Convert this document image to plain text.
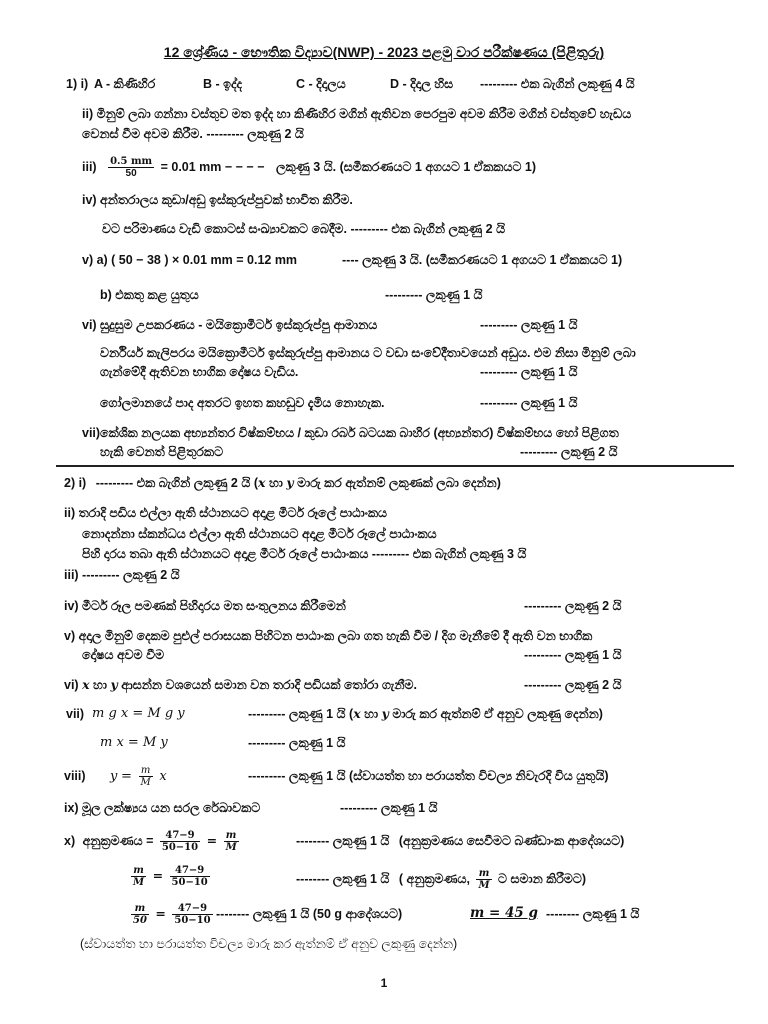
12 ශ්‍රේණිය - භෞතික විද්‍යාව(NWP) - 2023 පළමු වාර පරීක්ෂණය (පිළිතුරු)
1) i) A - කිණිහිර	B - ඉද්ද	C - දිදාලය	D - දිදාල හිස --------- එක බැගින් ලකුණු 4 යි
ii) මිනුම් ලබා ගන්නා වස්තුව මත ඉද්ද හා කිණිහිර මගින් ඇතිවන පෙරපුම අවම කිරීම මගින් වස්තුවේ හැඩය
වෙනස් වීම අවම කිරීම. --------- ලකුණු 2 යි
$iii) \frac{0.5 mm}{50} = 0.01$ mm − − − − ලකුණු 3 යි. (සමීකරණයට 1 අගයට 1 ඒකකයට 1)
iv) අන්තරාලය කුඩා/අඩු ඉස්කුරුප්පුවක් භාවිත කිරීම.
වට පරිමාණය වැඩි කොටස් සංඛ්‍යාවකට බෙදීම. --------- එක බැගින් ලකුණු 2 යි
v) a) ( 50 − 38 ) × 0.01 mm = 0.12 mm	---- ලකුණු 3 යි. (සමීකරණයට 1 අගයට 1 ඒකකයට 1)
b) එකතු කළ යුතුය	--------- ලකුණු 1 යි
vi) සුදුසුම උපකරණය - මයික්‍රොමීටර් ඉස්කුරුප්පු ආමානය	--------- ලකුණු 1 යි
වර්නියර් කැලිපරය මයික්‍රොමීටර් ඉස්කුරුප්පු ආමානය ට වඩා සංවේදීතාවයෙන් අඩුය. එම නිසා මිනුම් ලබා
ගැන්මේදී ඇතිවන භාගික දෝෂය වැඩිය.	--------- ලකුණු 1 යි
ගෝලමානයේ පාද අතරට ඉහත කහඩුව දැමිය නොහැක.	--------- ලකුණු 1 යි
vii)කේශික නලයක අභ්‍යන්තර විෂ්කම්භය / කුඩා රබර් බටයක බාහිර (අභ්‍යන්තර) විෂ්කම්භය හෝ පිළිගත
හැකි වෙනත් පිළිතුරකට	--------- ලකුණු 2 යි
2) i) --------- එක බැගින් ලකුණු 2 යි (x හා y මාරු කර ඇත්නම් ලකුණක් ලබා දෙන්න)
ii) තරාදි පඩිය එල්ලා ඇති ස්ථානයට අදාළ මීටර් රූලේ පාඨාංකය
නොදන්නා ස්කන්ධය එල්ලා ඇති ස්ථානයට අදාළ මීටර් රූලේ පාඨාංකය
පිහි දාරය තබා ඇති ස්ථානයට අදාළ මීටර් රූලේ පාඨාංකය --------- එක බැගින් ලකුණු 3 යි
iii) --------- ලකුණු 2 යි
iv) මීටර් රූල පමණක් පිහිදාරය මත සංතුලනය කිරීමෙන්	--------- ලකුණු 2 යි
v) අදාල මිනුම් දෙකම පුළුල් පරාසයක පිහිටන පාඨාංක ලබා ගත හැකි වීම / දිග මැනීමේ දී ඇති වන භාගික
දෝෂය අවම වීම	--------- ලකුණු 1 යි
vi) x හා y ආසන්න වශයෙන් සමාන වන තරාදි පඩියක් තෝරා ගැනීම.	--------- ලකුණු 2 යි
vii) m g x = M g y	--------- ලකුණු 1 යි (x හා y මාරු කර ඇත්නම් ඒ අනුව ලකුණු දෙන්න)
m x = M y	--------- ලකුණු 1 යි
viii) $y = \frac{m}{M}$ x	--------- ලකුණු 1 යි (ස්වායත්ත හා පරායත්ත විචල්‍ය නිවැරදි විය යුතුයි)
ix) මූල ලක්ෂ්‍යය යන සරල රේඛාවකට	--------- ලකුණු 1 යි
x) අනුක්‍රමණය = $\frac{47-9}{50-10} = \frac{m}{M}$	-------- ලකුණු 1 යි (අනුක්‍රමණය සෙවීමට බණ්ඩාංක ආදේශයට)
$\frac{m}{M} = \frac{47-9}{50-10}$	-------- ලකුණු 1 යි ( අනුක්‍රමණය, $\frac{m}{M}$ ට සමාන කිරීමට)
$\frac{m}{50} = \frac{47-9}{50-10}$ -------- ලකුණු 1 යි (50 g ආදේශයට)	m = 45 g -------- ලකුණු 1 යි
(ස්වායත්ත හා පරායත්ත විචල්‍ය මාරු කර ඇත්නම් ඒ අනුව ලකුණු දෙන්න)
1
